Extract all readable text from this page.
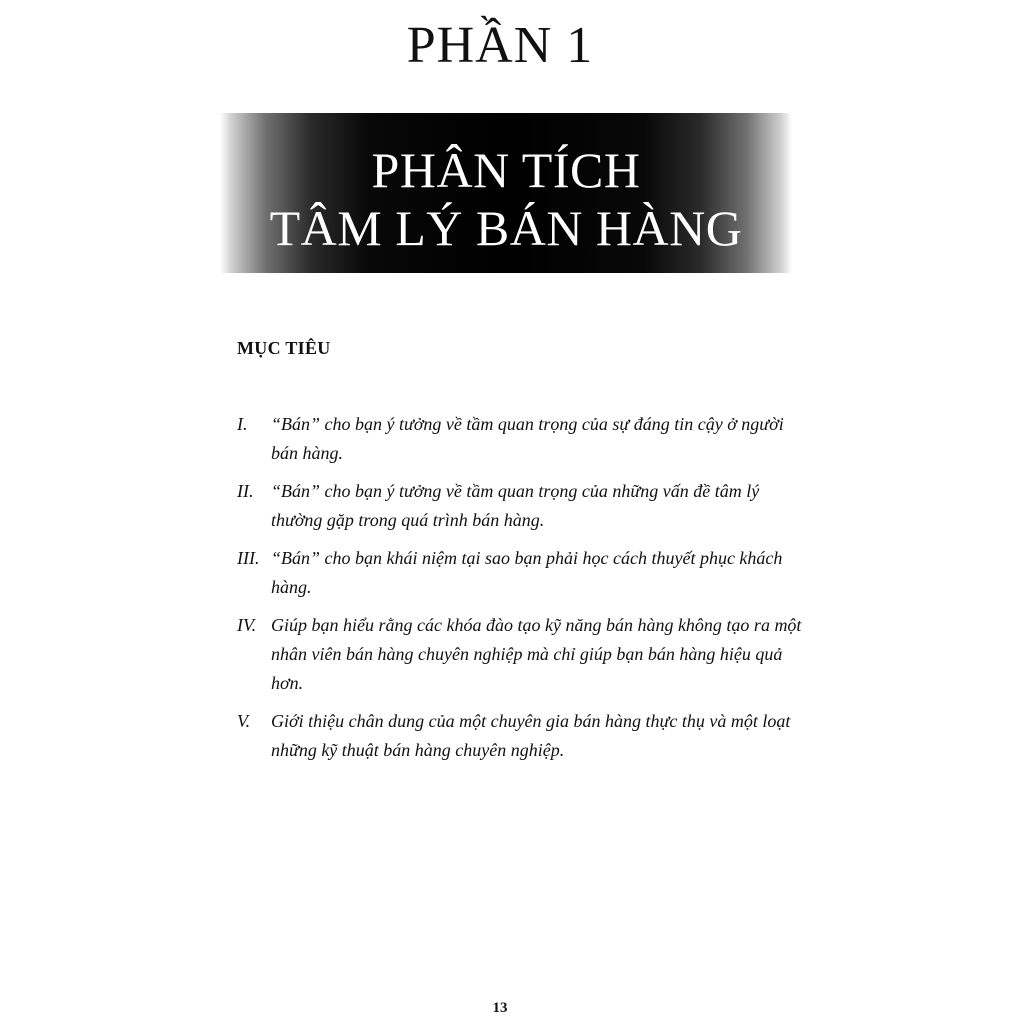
PHẦN 1
PHÂN TÍCH
TÂM LÝ BÁN HÀNG
MỤC TIÊU
I.	“Bán” cho bạn ý tưởng về tầm quan trọng của sự đáng tin cậy ở người bán hàng.
II. “Bán” cho bạn ý tưởng về tầm quan trọng của những vấn đề tâm lý thường gặp trong quá trình bán hàng.
III. “Bán” cho bạn khái niệm tại sao bạn phải học cách thuyết phục khách hàng.
IV. Giúp bạn hiểu rằng các khóa đào tạo kỹ năng bán hàng không tạo ra một nhân viên bán hàng chuyên nghiệp mà chỉ giúp bạn bán hàng hiệu quả hơn.
V.	Giới thiệu chân dung của một chuyên gia bán hàng thực thụ và một loạt những kỹ thuật bán hàng chuyên nghiệp.
13
